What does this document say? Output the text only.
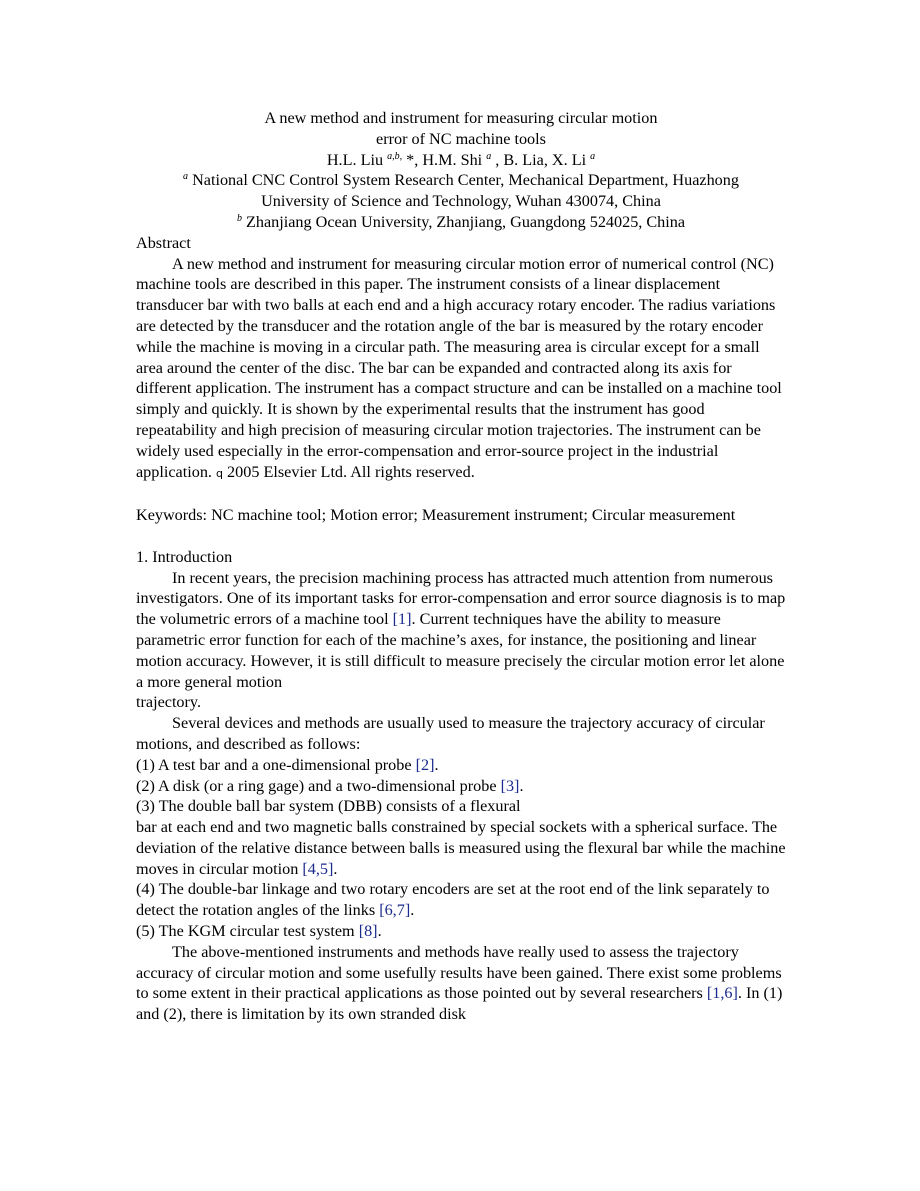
A new method and instrument for measuring circular motion
error of NC machine tools
H.L. Liu $^{a,b,}$ *, H.M. Shi $^a$ , B. Lia, X. Li $^a$
$^a$ National CNC Control System Research Center, Mechanical Department, Huazhong
University of Science and Technology, Wuhan 430074, China
$^b$ Zhanjiang Ocean University, Zhanjiang, Guangdong 524025, China
Abstract

A new method and instrument for measuring circular motion error of numerical control (NC) machine tools are described in this paper. The instrument consists of a linear displacement transducer bar with two balls at each end and a high accuracy rotary encoder. The radius variations are detected by the transducer and the rotation angle of the bar is measured by the rotary encoder while the machine is moving in a circular path. The measuring area is circular except for a small area around the center of the disc. The bar can be expanded and contracted along its axis for different application. The instrument has a compact structure and can be installed on a machine tool simply and quickly. It is shown by the experimental results that the instrument has good repeatability and high precision of measuring circular motion trajectories. The instrument can be widely used especially in the error-compensation and error-source project in the industrial application. q 2005 Elsevier Ltd. All rights reserved.

Keywords: NC machine tool; Motion error; Measurement instrument; Circular measurement

1. Introduction

In recent years, the precision machining process has attracted much attention from numerous investigators. One of its important tasks for error-compensation and error source diagnosis is to map the volumetric errors of a machine tool [1]. Current techniques have the ability to measure parametric error function for each of the machine’s axes, for instance, the positioning and linear motion accuracy. However, it is still difficult to measure precisely the circular motion error let alone a more general motion

trajectory.

Several devices and methods are usually used to measure the trajectory accuracy of circular motions, and described as follows:

(1) A test bar and a one-dimensional probe [2].

(2) A disk (or a ring gage) and a two-dimensional probe [3].

(3) The double ball bar system (DBB) consists of a flexural

bar at each end and two magnetic balls constrained by special sockets with a spherical surface. The deviation of the relative distance between balls is measured using the flexural bar while the machine moves in circular motion [4,5].

(4) The double-bar linkage and two rotary encoders are set at the root end of the link separately to detect the rotation angles of the links [6,7].

(5) The KGM circular test system [8].

The above-mentioned instruments and methods have really used to assess the trajectory accuracy of circular motion and some usefully results have been gained. There exist some problems to some extent in their practical applications as those pointed out by several researchers [1,6]. In (1) and (2), there is limitation by its own stranded disk
